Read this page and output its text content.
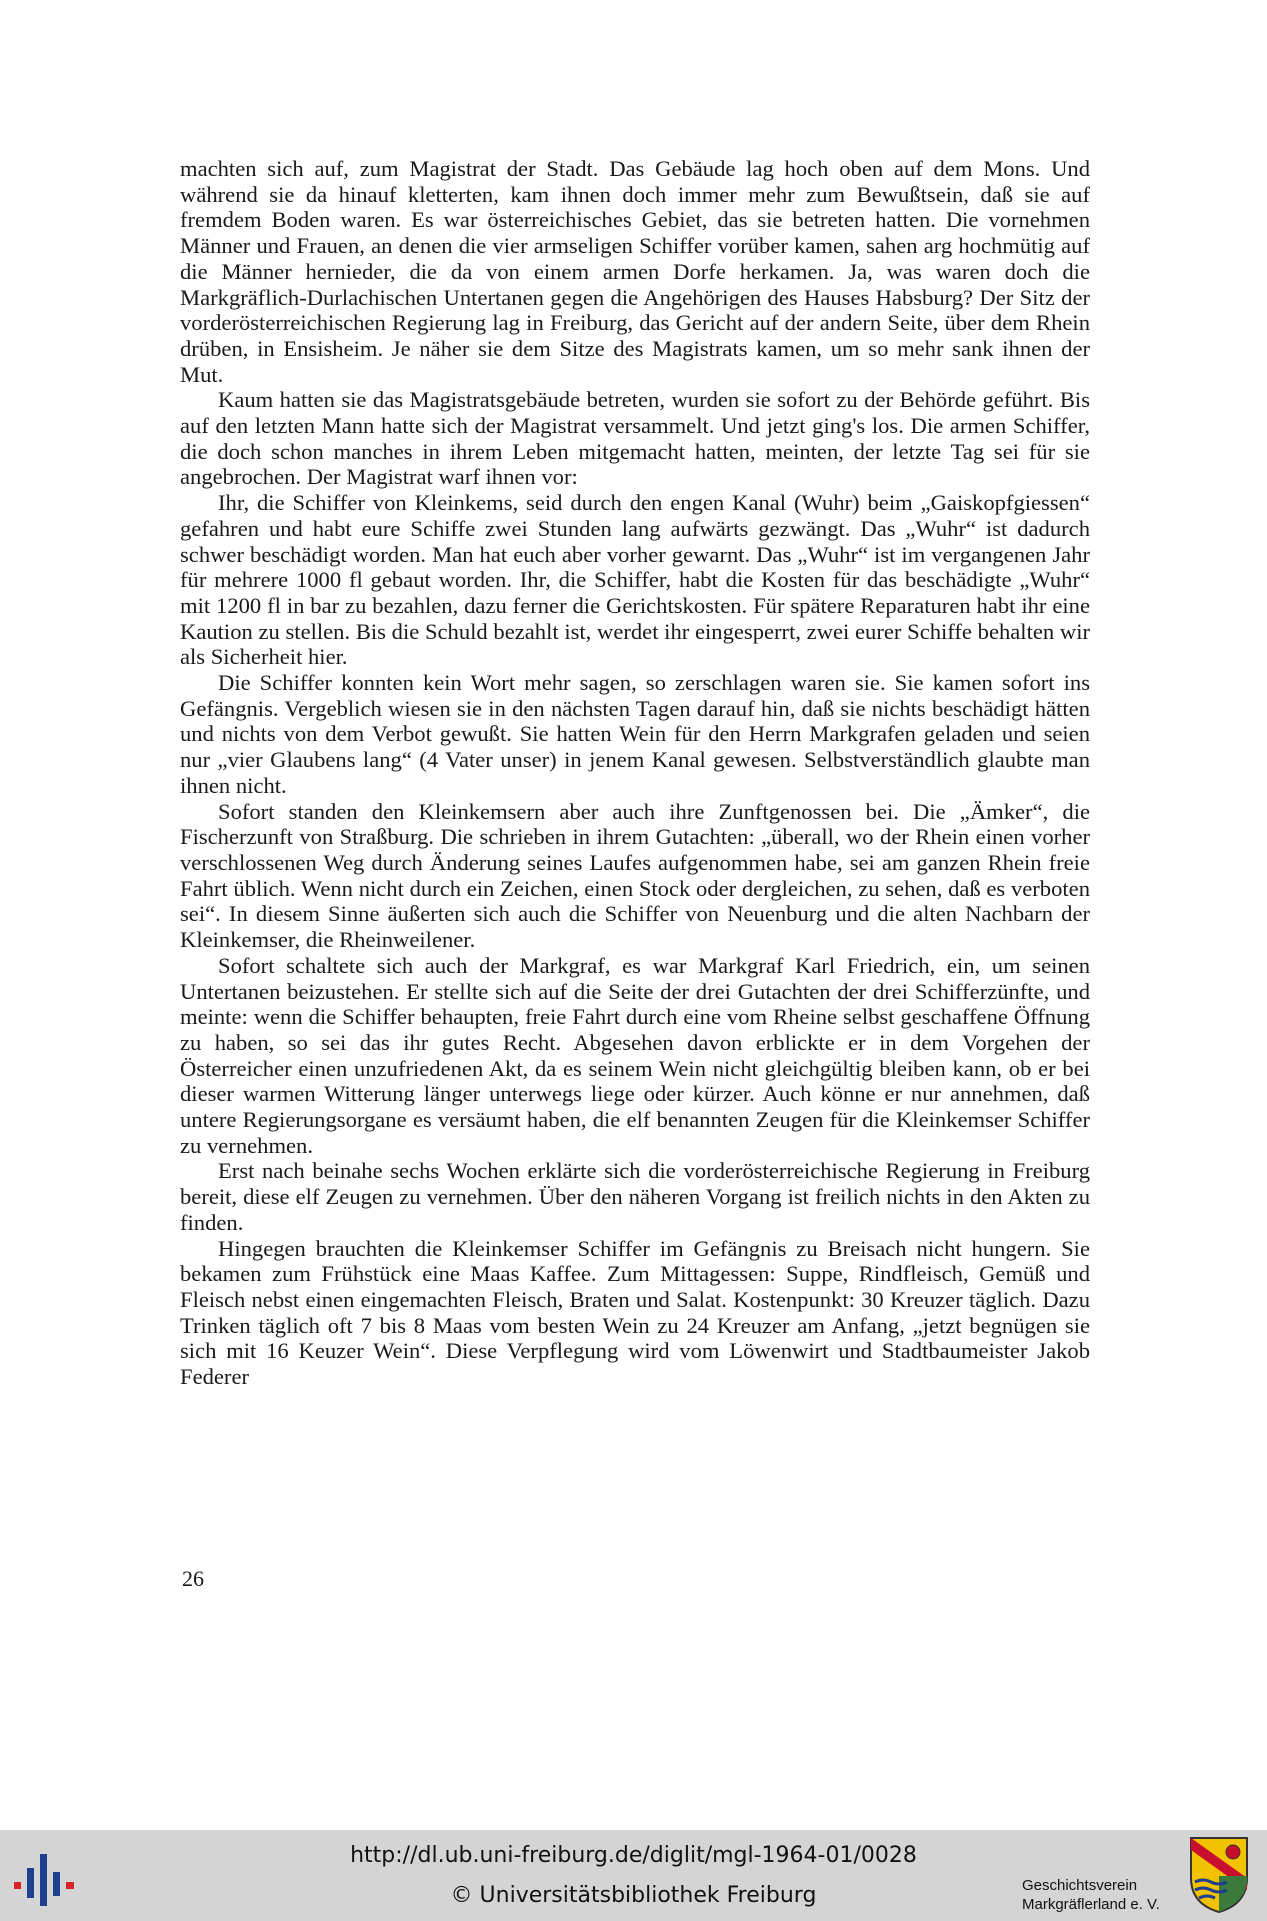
machten sich auf, zum Magistrat der Stadt. Das Gebäude lag hoch oben auf dem Mons. Und während sie da hinauf kletterten, kam ihnen doch immer mehr zum Bewußtsein, daß sie auf fremdem Boden waren. Es war österreichisches Gebiet, das sie betreten hatten. Die vornehmen Männer und Frauen, an denen die vier armseligen Schiffer vorüber kamen, sahen arg hochmütig auf die Männer hernieder, die da von einem armen Dorfe herkamen. Ja, was waren doch die Markgräflich-Durlachischen Untertanen gegen die Angehörigen des Hauses Habsburg? Der Sitz der vorderösterreichischen Regierung lag in Freiburg, das Gericht auf der andern Seite, über dem Rhein drüben, in Ensisheim. Je näher sie dem Sitze des Magistrats kamen, um so mehr sank ihnen der Mut.

Kaum hatten sie das Magistratsgebäude betreten, wurden sie sofort zu der Behörde geführt. Bis auf den letzten Mann hatte sich der Magistrat versammelt. Und jetzt ging's los. Die armen Schiffer, die doch schon manches in ihrem Leben mitgemacht hatten, meinten, der letzte Tag sei für sie angebrochen. Der Magistrat warf ihnen vor:

Ihr, die Schiffer von Kleinkems, seid durch den engen Kanal (Wuhr) beim „Gaiskopfgiessen“ gefahren und habt eure Schiffe zwei Stunden lang aufwärts gezwängt. Das „Wuhr“ ist dadurch schwer beschädigt worden. Man hat euch aber vorher gewarnt. Das „Wuhr“ ist im vergangenen Jahr für mehrere 1000 fl gebaut worden. Ihr, die Schiffer, habt die Kosten für das beschädigte „Wuhr“ mit 1200 fl in bar zu bezahlen, dazu ferner die Gerichtskosten. Für spätere Reparaturen habt ihr eine Kaution zu stellen. Bis die Schuld bezahlt ist, werdet ihr eingesperrt, zwei eurer Schiffe behalten wir als Sicherheit hier.

Die Schiffer konnten kein Wort mehr sagen, so zerschlagen waren sie. Sie kamen sofort ins Gefängnis. Vergeblich wiesen sie in den nächsten Tagen darauf hin, daß sie nichts beschädigt hätten und nichts von dem Verbot gewußt. Sie hatten Wein für den Herrn Markgrafen geladen und seien nur „vier Glaubens lang“ (4 Vater unser) in jenem Kanal gewesen. Selbstverständlich glaubte man ihnen nicht.

Sofort standen den Kleinkemsern aber auch ihre Zunftgenossen bei. Die „Ämker“, die Fischerzunft von Straßburg. Die schrieben in ihrem Gutachten: „überall, wo der Rhein einen vorher verschlossenen Weg durch Änderung seines Laufes aufgenommen habe, sei am ganzen Rhein freie Fahrt üblich. Wenn nicht durch ein Zeichen, einen Stock oder dergleichen, zu sehen, daß es verboten sei“. In diesem Sinne äußerten sich auch die Schiffer von Neuenburg und die alten Nachbarn der Kleinkemser, die Rheinweilener.

Sofort schaltete sich auch der Markgraf, es war Markgraf Karl Friedrich, ein, um seinen Untertanen beizustehen. Er stellte sich auf die Seite der drei Gutachten der drei Schifferzünfte, und meinte: wenn die Schiffer behaupten, freie Fahrt durch eine vom Rheine selbst geschaffene Öffnung zu haben, so sei das ihr gutes Recht. Abgesehen davon erblickte er in dem Vorgehen der Österreicher einen unzufriedenen Akt, da es seinem Wein nicht gleichgültig bleiben kann, ob er bei dieser warmen Witterung länger unterwegs liege oder kürzer. Auch könne er nur annehmen, daß untere Regierungsorgane es versäumt haben, die elf benannten Zeugen für die Kleinkemser Schiffer zu vernehmen.

Erst nach beinahe sechs Wochen erklärte sich die vorderösterreichische Regierung in Freiburg bereit, diese elf Zeugen zu vernehmen. Über den näheren Vorgang ist freilich nichts in den Akten zu finden.

Hingegen brauchten die Kleinkemser Schiffer im Gefängnis zu Breisach nicht hungern. Sie bekamen zum Frühstück eine Maas Kaffee. Zum Mittagessen: Suppe, Rindfleisch, Gemüß und Fleisch nebst einen eingemachten Fleisch, Braten und Salat. Kostenpunkt: 30 Kreuzer täglich. Dazu Trinken täglich oft 7 bis 8 Maas vom besten Wein zu 24 Kreuzer am Anfang, „jetzt begnügen sie sich mit 16 Keuzer Wein“. Diese Verpflegung wird vom Löwenwirt und Stadtbaumeister Jakob Federer

26
http://dl.ub.uni-freiburg.de/diglit/mgl-1964-01/0028
© Universitätsbibliothek Freiburg	Geschichtsverein
Markgräflerland e. V.
